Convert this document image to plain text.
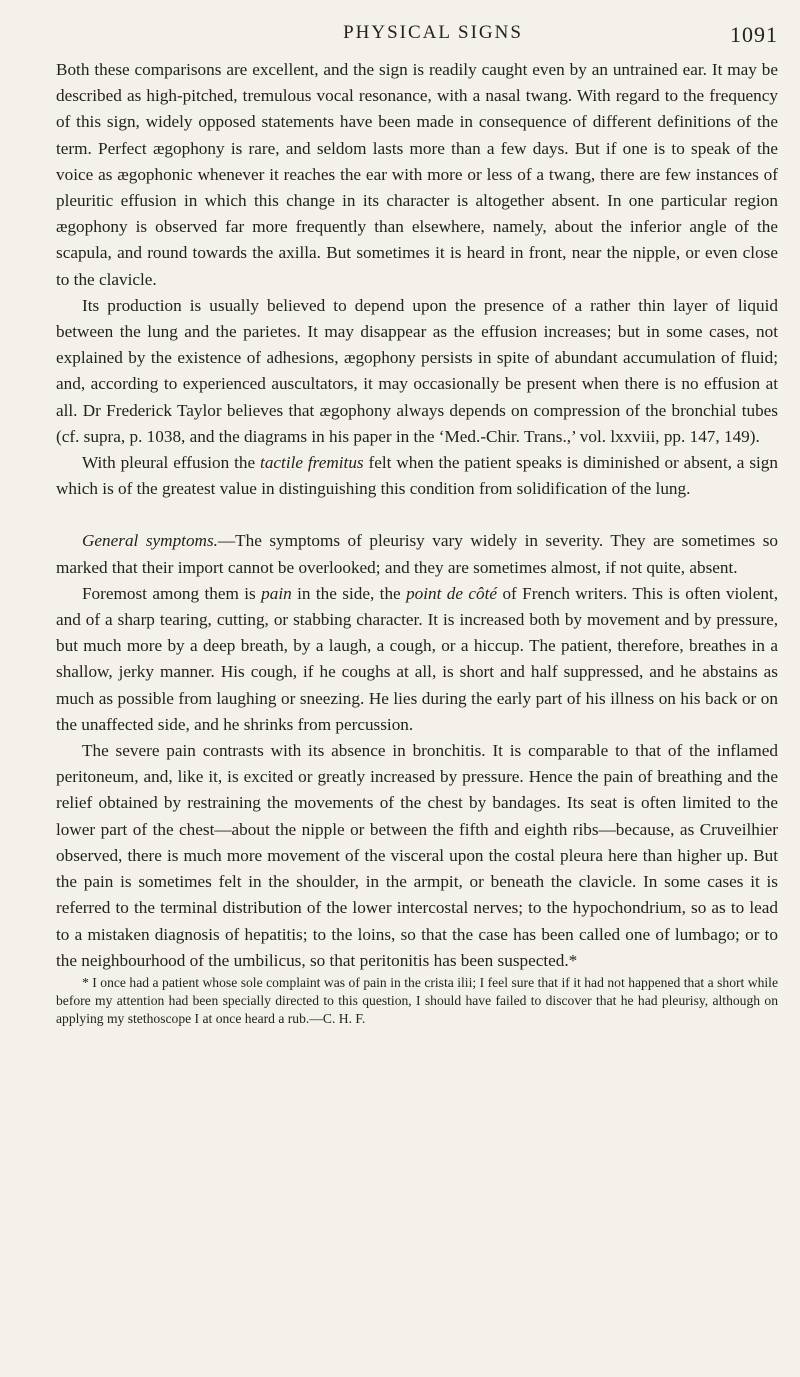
PHYSICAL SIGNS	1091

Both these comparisons are excellent, and the sign is readily caught even by an untrained ear. It may be described as high-pitched, tremulous vocal resonance, with a nasal twang. With regard to the frequency of this sign, widely opposed statements have been made in consequence of different definitions of the term. Perfect ægophony is rare, and seldom lasts more than a few days. But if one is to speak of the voice as ægophonic whenever it reaches the ear with more or less of a twang, there are few instances of pleuritic effusion in which this change in its character is altogether absent. In one particular region ægophony is observed far more frequently than elsewhere, namely, about the inferior angle of the scapula, and round towards the axilla. But sometimes it is heard in front, near the nipple, or even close to the clavicle.

Its production is usually believed to depend upon the presence of a rather thin layer of liquid between the lung and the parietes. It may disappear as the effusion increases; but in some cases, not explained by the existence of adhesions, ægophony persists in spite of abundant accumulation of fluid; and, according to experienced auscultators, it may occasionally be present when there is no effusion at all. Dr Frederick Taylor believes that ægophony always depends on compression of the bronchial tubes (cf. supra, p. 1038, and the diagrams in his paper in the ‘Med.-Chir. Trans.,’ vol. lxxviii, pp. 147, 149).

With pleural effusion the tactile fremitus felt when the patient speaks is diminished or absent, a sign which is of the greatest value in distinguishing this condition from solidification of the lung.

General symptoms.—The symptoms of pleurisy vary widely in severity. They are sometimes so marked that their import cannot be overlooked; and they are sometimes almost, if not quite, absent.

Foremost among them is pain in the side, the point de côté of French writers. This is often violent, and of a sharp tearing, cutting, or stabbing character. It is increased both by movement and by pressure, but much more by a deep breath, by a laugh, a cough, or a hiccup. The patient, therefore, breathes in a shallow, jerky manner. His cough, if he coughs at all, is short and half suppressed, and he abstains as much as possible from laughing or sneezing. He lies during the early part of his illness on his back or on the unaffected side, and he shrinks from percussion.

The severe pain contrasts with its absence in bronchitis. It is comparable to that of the inflamed peritoneum, and, like it, is excited or greatly increased by pressure. Hence the pain of breathing and the relief obtained by restraining the movements of the chest by bandages. Its seat is often limited to the lower part of the chest—about the nipple or between the fifth and eighth ribs—because, as Cruveilhier observed, there is much more movement of the visceral upon the costal pleura here than higher up. But the pain is sometimes felt in the shoulder, in the armpit, or beneath the clavicle. In some cases it is referred to the terminal distribution of the lower intercostal nerves; to the hypochondrium, so as to lead to a mistaken diagnosis of hepatitis; to the loins, so that the case has been called one of lumbago; or to the neighbourhood of the umbilicus, so that peritonitis has been suspected.*

* I once had a patient whose sole complaint was of pain in the crista ilii; I feel sure that if it had not happened that a short while before my attention had been specially directed to this question, I should have failed to discover that he had pleurisy, although on applying my stethoscope I at once heard a rub.—C. H. F.
